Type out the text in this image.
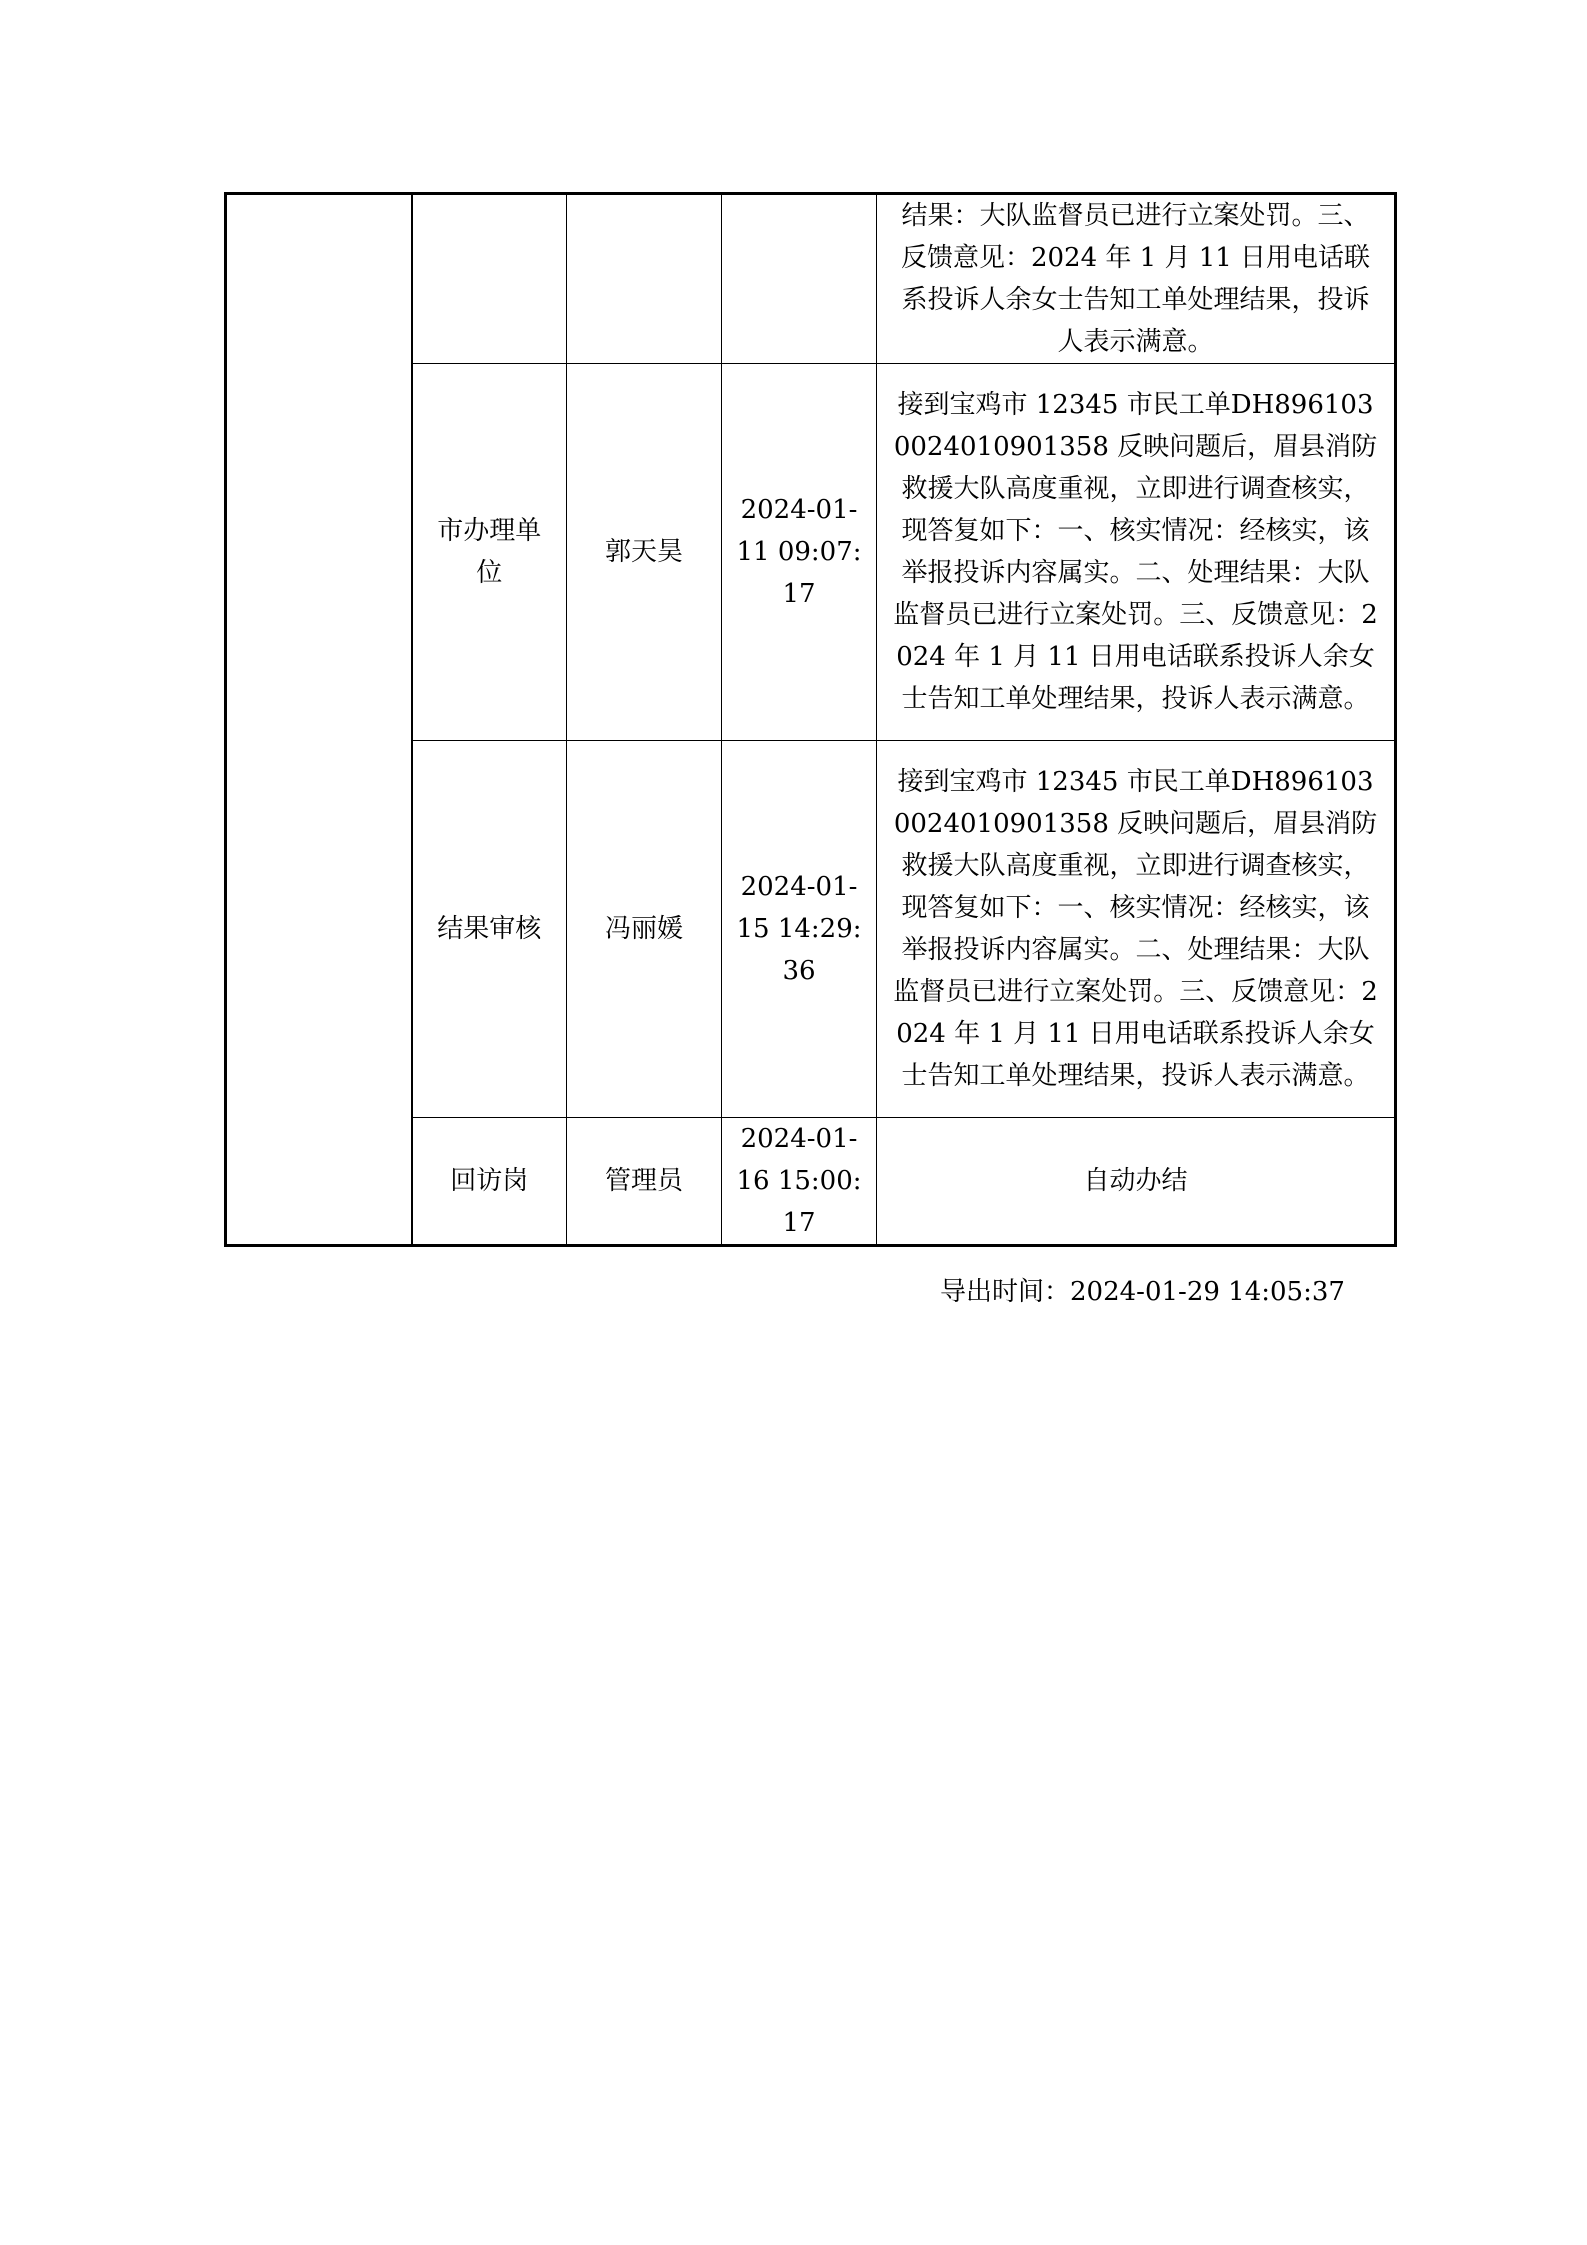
				结果：大队监督员已进行立案处罚。三、反馈意见：2024 年 1 月 11 日用电话联系投诉人余女士告知工单处理结果，投诉人表示满意。
	市办理单位	郭天昊	2024-01-11 09:07:17	接到宝鸡市 12345 市民工单DH8961030024010901358 反映问题后，眉县消防救援大队高度重视，立即进行调查核实，现答复如下：一、核实情况：经核实，该举报投诉内容属实。二、处理结果：大队监督员已进行立案处罚。三、反馈意见：2024 年 1 月 11 日用电话联系投诉人余女士告知工单处理结果，投诉人表示满意。
	结果审核	冯丽媛	2024-01-15 14:29:36	接到宝鸡市 12345 市民工单DH8961030024010901358 反映问题后，眉县消防救援大队高度重视，立即进行调查核实，现答复如下：一、核实情况：经核实，该举报投诉内容属实。二、处理结果：大队监督员已进行立案处罚。三、反馈意见：2024 年 1 月 11 日用电话联系投诉人余女士告知工单处理结果，投诉人表示满意。
	回访岗	管理员	2024-01-16 15:00:17	自动办结
导出时间：2024-01-29 14:05:37
